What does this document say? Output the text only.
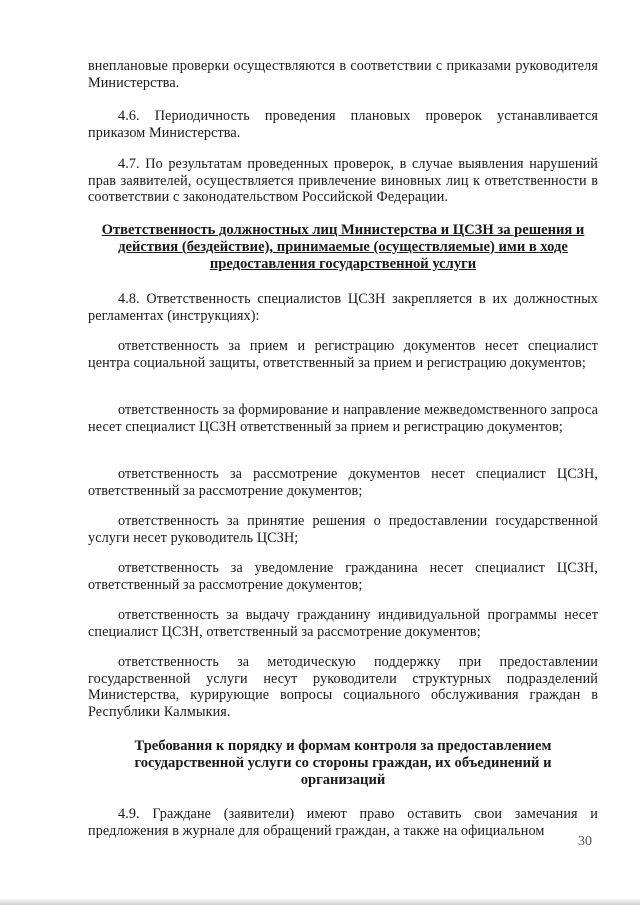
внеплановые проверки осуществляются в соответствии с приказами руководителя Министерства.
4.6. Периодичность проведения плановых проверок устанавливается приказом Министерства.
4.7. По результатам проведенных проверок, в случае выявления нарушений прав заявителей, осуществляется привлечение виновных лиц к ответственности в соответствии с законодательством Российской Федерации.
Ответственность должностных лиц Министерства и ЦСЗН за решения и действия (бездействие), принимаемые (осуществляемые) ими в ходе предоставления государственной услуги
4.8. Ответственность специалистов ЦСЗН закрепляется в их должностных регламентах (инструкциях):
ответственность за прием и регистрацию документов несет специалист центра социальной защиты, ответственный за прием и регистрацию документов;
ответственность за формирование и направление межведомственного запроса несет специалист ЦСЗН ответственный за прием и регистрацию документов;
ответственность за рассмотрение документов несет специалист ЦСЗН, ответственный за рассмотрение документов;
ответственность за принятие решения о предоставлении государственной услуги несет руководитель ЦСЗН;
ответственность за уведомление гражданина несет специалист ЦСЗН, ответственный за рассмотрение документов;
ответственность за выдачу гражданину индивидуальной программы несет специалист ЦСЗН, ответственный за рассмотрение документов;
ответственность за методическую поддержку при предоставлении государственной услуги несут руководители структурных подразделений Министерства, курирующие вопросы социального обслуживания граждан в Республики Калмыкия.
Требования к порядку и формам контроля за предоставлением государственной услуги со стороны граждан, их объединений и организаций
4.9. Граждане (заявители) имеют право оставить свои замечания и предложения в журнале для обращений граждан, а также на официальном
30
